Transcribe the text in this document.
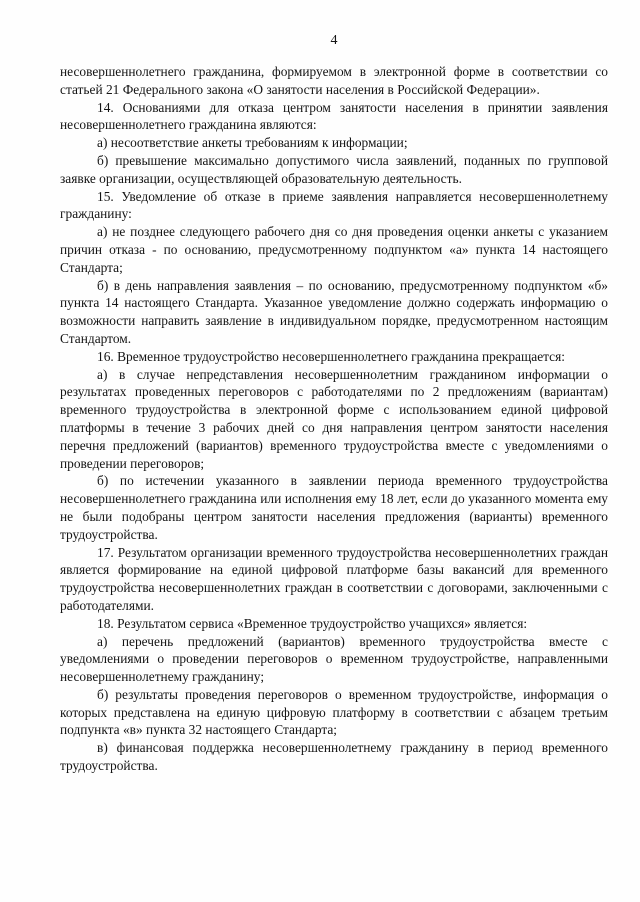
4

несовершеннолетнего гражданина, формируемом в электронной форме в соответствии со статьей 21 Федерального закона «О занятости населения в Российской Федерации».

14. Основаниями для отказа центром занятости населения в принятии заявления несовершеннолетнего гражданина являются:

а) несоответствие анкеты требованиям к информации;

б) превышение максимально допустимого числа заявлений, поданных по групповой заявке организации, осуществляющей образовательную деятельность.

15. Уведомление об отказе в приеме заявления направляется несовершеннолетнему гражданину:

а) не позднее следующего рабочего дня со дня проведения оценки анкеты с указанием причин отказа - по основанию, предусмотренному подпунктом «а» пункта 14 настоящего Стандарта;

б) в день направления заявления – по основанию, предусмотренному подпунктом «б» пункта 14 настоящего Стандарта. Указанное уведомление должно содержать информацию о возможности направить заявление в индивидуальном порядке, предусмотренном настоящим Стандартом.

16. Временное трудоустройство несовершеннолетнего гражданина прекращается:

а) в случае непредставления несовершеннолетним гражданином информации о результатах проведенных переговоров с работодателями по 2 предложениям (вариантам) временного трудоустройства в электронной форме с использованием единой цифровой платформы в течение 3 рабочих дней со дня направления центром занятости населения перечня предложений (вариантов) временного трудоустройства вместе с уведомлениями о проведении переговоров;

б) по истечении указанного в заявлении периода временного трудоустройства несовершеннолетнего гражданина или исполнения ему 18 лет, если до указанного момента ему не были подобраны центром занятости населения предложения (варианты) временного трудоустройства.

17. Результатом организации временного трудоустройства несовершеннолетних граждан является формирование на единой цифровой платформе базы вакансий для временного трудоустройства несовершеннолетних граждан в соответствии с договорами, заключенными с работодателями.

18. Результатом сервиса «Временное трудоустройство учащихся» является:

а) перечень предложений (вариантов) временного трудоустройства вместе с уведомлениями о проведении переговоров о временном трудоустройстве, направленными несовершеннолетнему гражданину;

б) результаты проведения переговоров о временном трудоустройстве, информация о которых представлена на единую цифровую платформу в соответствии с абзацем третьим подпункта «в» пункта 32 настоящего Стандарта;

в) финансовая поддержка несовершеннолетнему гражданину в период временного трудоустройства.
